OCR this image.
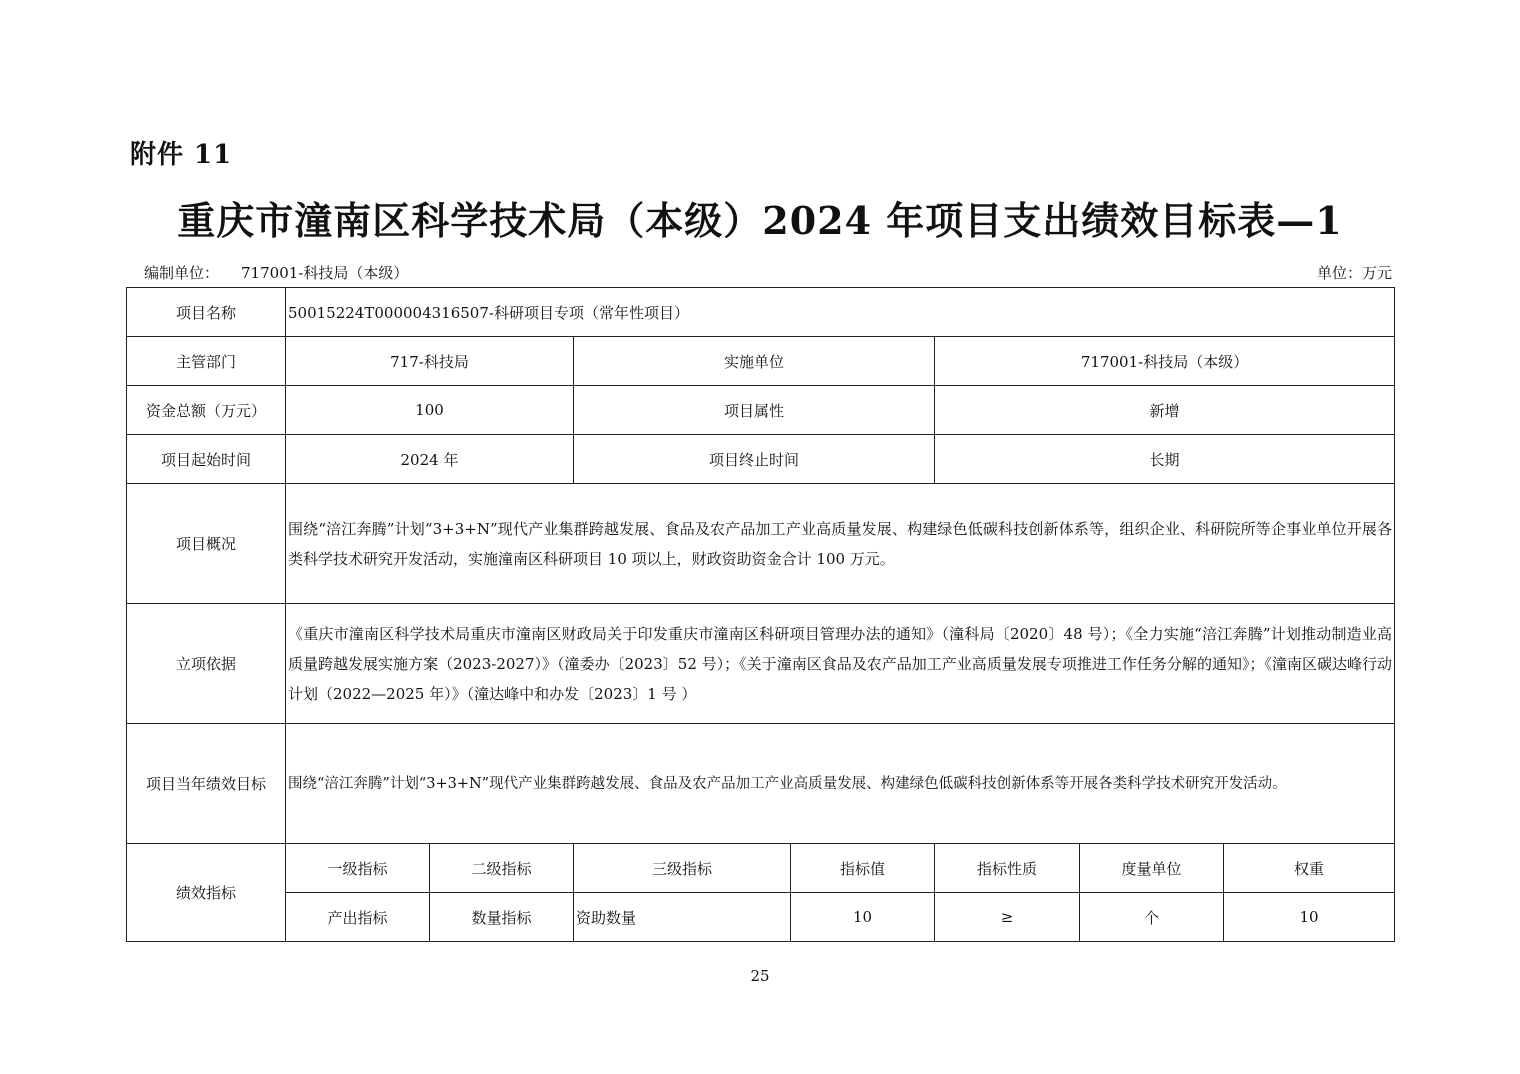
附件 11
重庆市潼南区科学技术局（本级）2024 年项目支出绩效目标表—1
编制单位： 717001-科技局（本级）	单位：万元
项目名称	50015224T000004316507-科研项目专项（常年性项目）						
主管部门	717-科技局		实施单位		717001-科技局（本级）		
资金总额（万元）	100		项目属性		新增		
项目起始时间	2024 年		项目终止时间		长期		
项目概况	围绕“涪江奔腾”计划“3+3+N”现代产业集群跨越发展、食品及农产品加工产业高质量发展、构建绿色低碳科技创新体系等，组织企业、科研院所等企事业单位开展各类科学技术研究开发活动，实施潼南区科研项目 10 项以上，财政资助资金合计 100 万元。						
立项依据	《重庆市潼南区科学技术局重庆市潼南区财政局关于印发重庆市潼南区科研项目管理办法的通知》（潼科局〔2020〕48 号）；《全力实施“涪江奔腾”计划推动制造业高质量跨越发展实施方案（2023-2027）》（潼委办〔2023〕52 号）；《关于潼南区食品及农产品加工产业高质量发展专项推进工作任务分解的通知》；《潼南区碳达峰行动计划（2022—2025 年）》（潼达峰中和办发〔2023〕1 号 ）						
项目当年绩效目标	围绕“涪江奔腾”计划“3+3+N”现代产业集群跨越发展、食品及农产品加工产业高质量发展、构建绿色低碳科技创新体系等开展各类科学技术研究开发活动。						
绩效指标	一级指标	二级指标	三级指标	指标值	指标性质	度量单位	权重
	产出指标	数量指标	资助数量	10	≥	个	10
25
